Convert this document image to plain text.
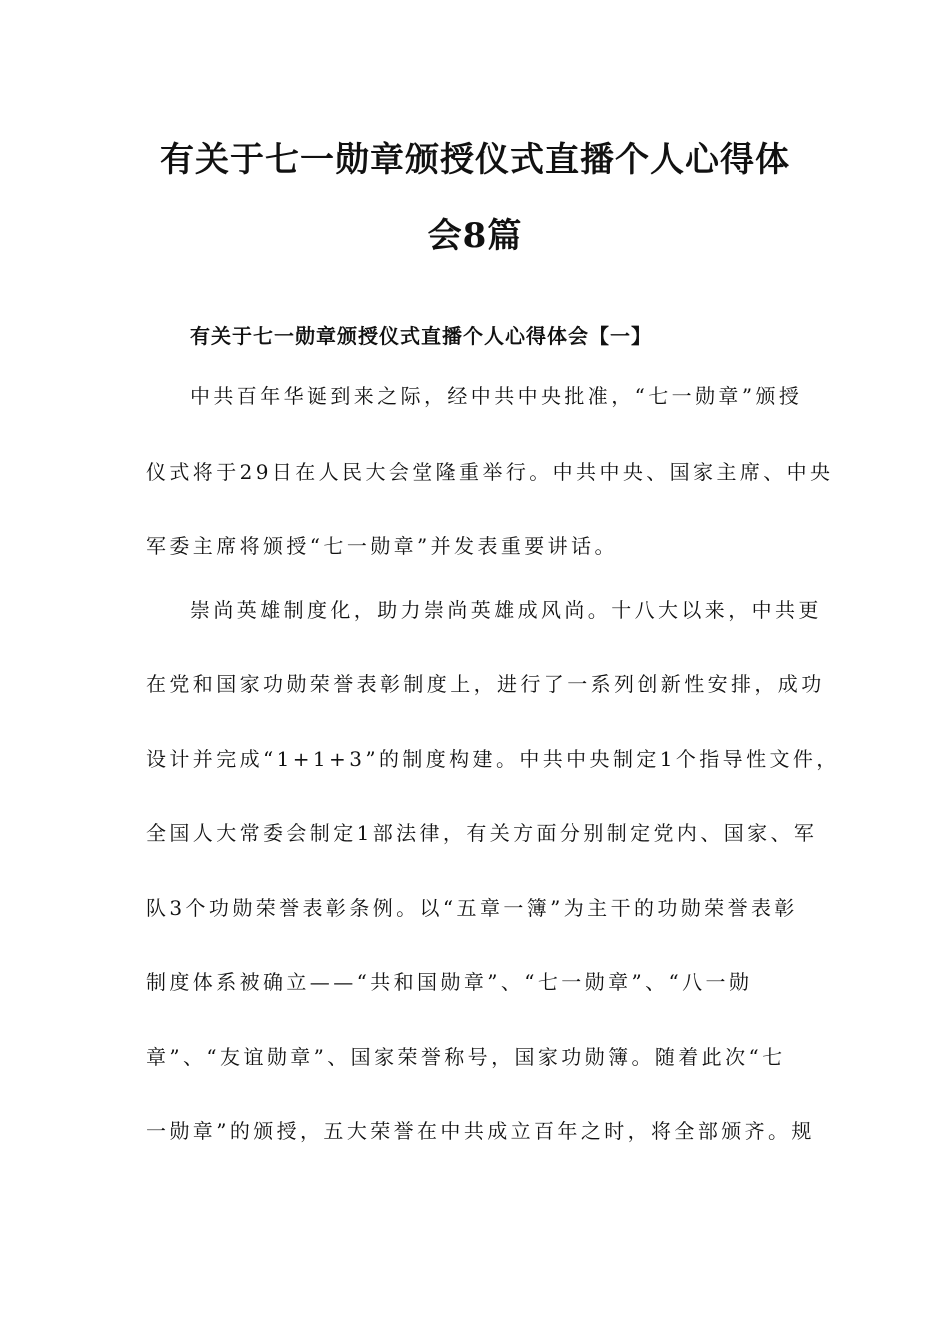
有关于七一勋章颁授仪式直播个人心得体
会8篇
有关于七一勋章颁授仪式直播个人心得体会【一】
中共百年华诞到来之际，经中共中央批准，“七一勋章”颁授
仪式将于29日在人民大会堂隆重举行。中共中央、国家主席、中央
军委主席将颁授“七一勋章”并发表重要讲话。
崇尚英雄制度化，助力崇尚英雄成风尚。十八大以来，中共更
在党和国家功勋荣誉表彰制度上，进行了一系列创新性安排，成功
设计并完成“1+1+3”的制度构建。中共中央制定1个指导性文件，
全国人大常委会制定1部法律，有关方面分别制定党内、国家、军
队3个功勋荣誉表彰条例。以“五章一簿”为主干的功勋荣誉表彰
制度体系被确立——“共和国勋章”、“七一勋章”、“八一勋
章”、“友谊勋章”、国家荣誉称号，国家功勋簿。随着此次“七
一勋章”的颁授，五大荣誉在中共成立百年之时，将全部颁齐。规
